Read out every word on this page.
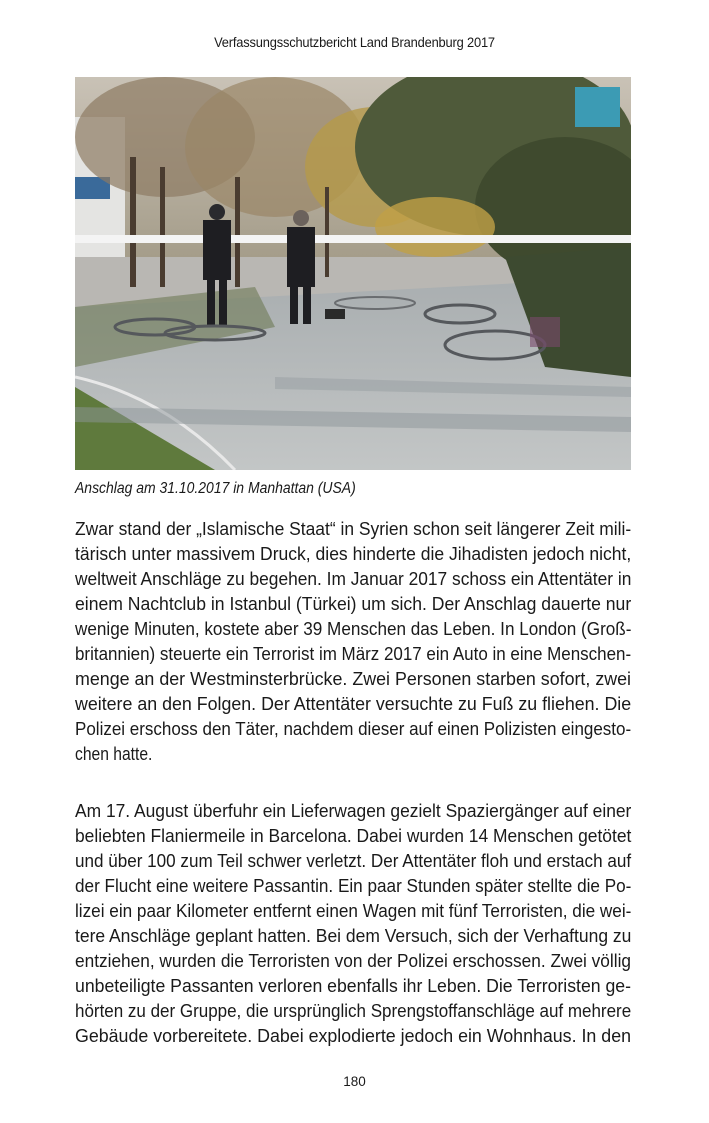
Verfassungsschutzbericht Land Brandenburg 2017
Anschlag am 31.10.2017 in Manhattan (USA)
Zwar stand der „Islamische Staat“ in Syrien schon seit längerer Zeit mili-
tärisch unter massivem Druck, dies hinderte die Jihadisten jedoch nicht,
weltweit Anschläge zu begehen. Im Januar 2017 schoss ein Attentäter in
einem Nachtclub in Istanbul (Türkei) um sich. Der Anschlag dauerte nur
wenige Minuten, kostete aber 39 Menschen das Leben. In London (Groß-
britannien) steuerte ein Terrorist im März 2017 ein Auto in eine Menschen-
menge an der Westminsterbrücke. Zwei Personen starben sofort, zwei
weitere an den Folgen. Der Attentäter versuchte zu Fuß zu fliehen. Die
Polizei erschoss den Täter, nachdem dieser auf einen Polizisten eingesto-
chen hatte.
Am 17. August überfuhr ein Lieferwagen gezielt Spaziergänger auf einer
beliebten Flaniermeile in Barcelona. Dabei wurden 14 Menschen getötet
und über 100 zum Teil schwer verletzt. Der Attentäter floh und erstach auf
der Flucht eine weitere Passantin. Ein paar Stunden später stellte die Po-
lizei ein paar Kilometer entfernt einen Wagen mit fünf Terroristen, die wei-
tere Anschläge geplant hatten. Bei dem Versuch, sich der Verhaftung zu
entziehen, wurden die Terroristen von der Polizei erschossen. Zwei völlig
unbeteiligte Passanten verloren ebenfalls ihr Leben. Die Terroristen ge-
hörten zu der Gruppe, die ursprünglich Sprengstoffanschläge auf mehrere
Gebäude vorbereitete. Dabei explodierte jedoch ein Wohnhaus. In den
180
